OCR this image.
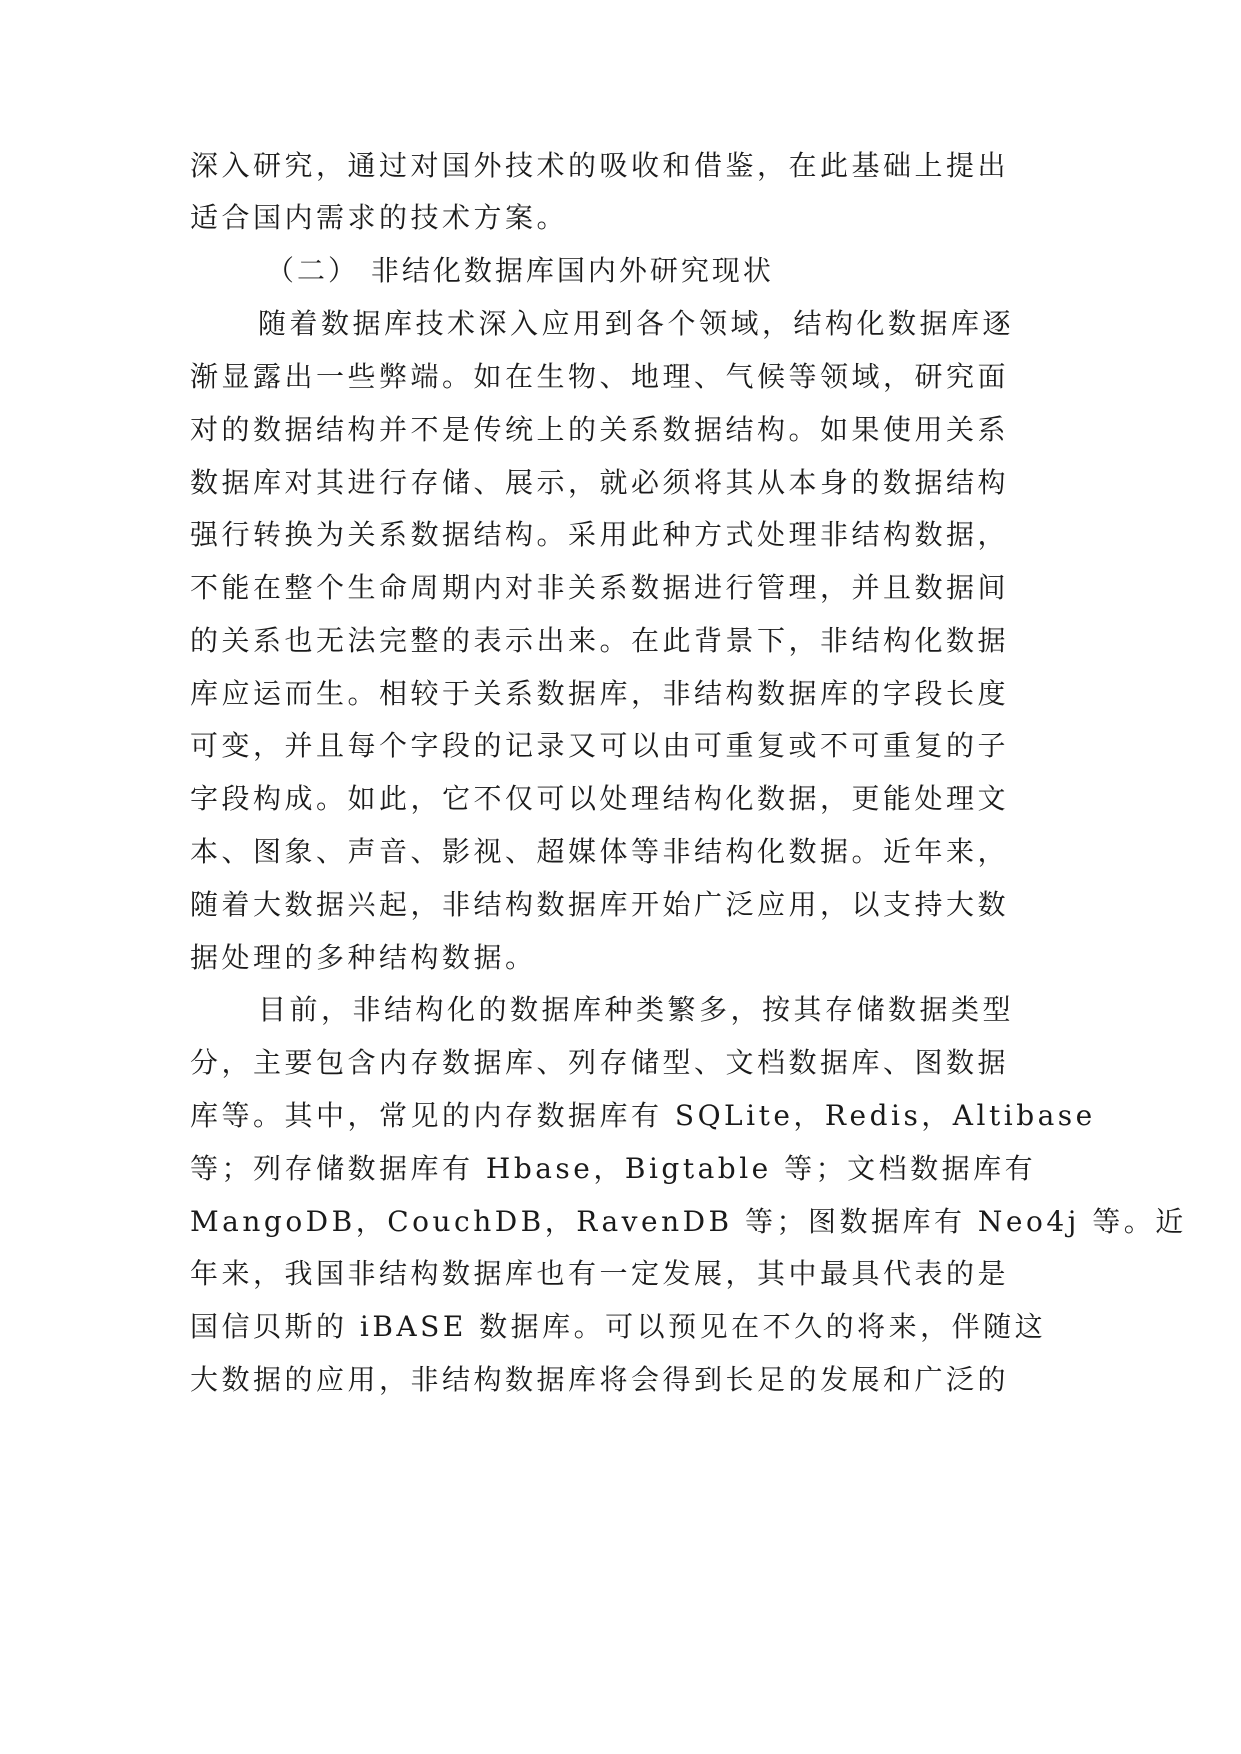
深入研究，通过对国外技术的吸收和借鉴，在此基础上提出
适合国内需求的技术方案。
（二） 非结化数据库国内外研究现状
随着数据库技术深入应用到各个领域，结构化数据库逐
渐显露出一些弊端。如在生物、地理、气候等领域，研究面
对的数据结构并不是传统上的关系数据结构。如果使用关系
数据库对其进行存储、展示，就必须将其从本身的数据结构
强行转换为关系数据结构。采用此种方式处理非结构数据，
不能在整个生命周期内对非关系数据进行管理，并且数据间
的关系也无法完整的表示出来。在此背景下，非结构化数据
库应运而生。相较于关系数据库，非结构数据库的字段长度
可变，并且每个字段的记录又可以由可重复或不可重复的子
字段构成。如此，它不仅可以处理结构化数据，更能处理文
本、图象、声音、影视、超媒体等非结构化数据。近年来，
随着大数据兴起，非结构数据库开始广泛应用，以支持大数
据处理的多种结构数据。
目前，非结构化的数据库种类繁多，按其存储数据类型
分，主要包含内存数据库、列存储型、文档数据库、图数据
库等。其中，常见的内存数据库有 SQLite，Redis，Altibase
等；列存储数据库有 Hbase，Bigtable 等；文档数据库有
MangoDB，CouchDB，RavenDB 等；图数据库有 Neo4j 等。近
年来，我国非结构数据库也有一定发展，其中最具代表的是
国信贝斯的 iBASE 数据库。可以预见在不久的将来，伴随这
大数据的应用，非结构数据库将会得到长足的发展和广泛的
